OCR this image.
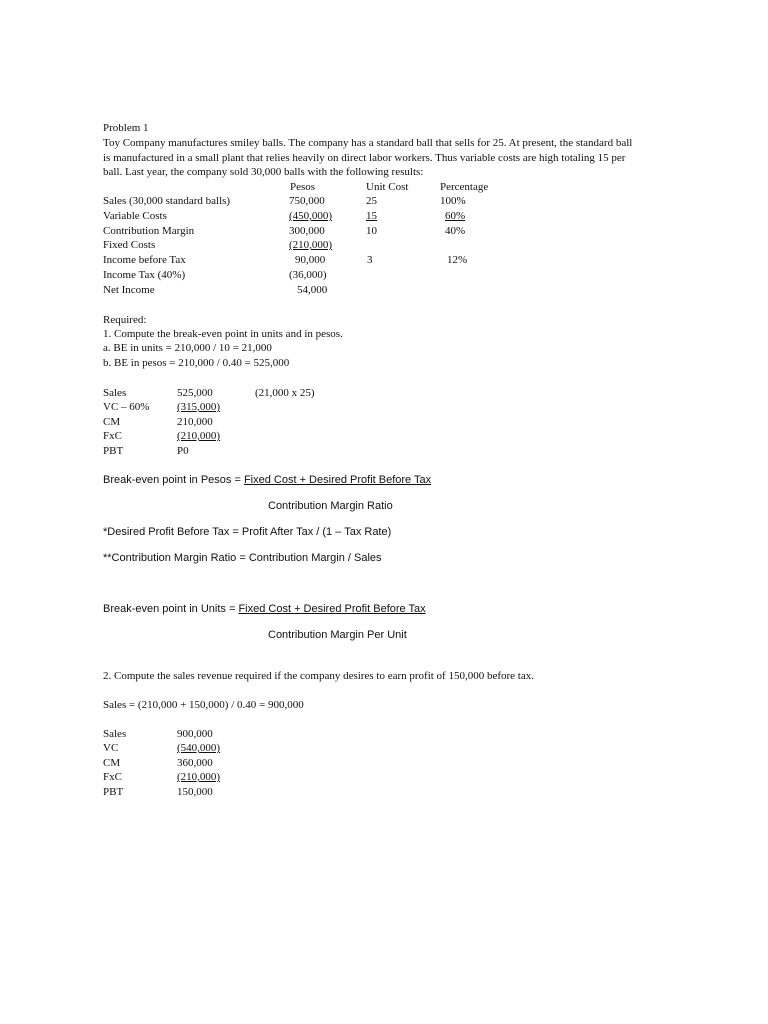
Problem 1
Toy Company manufactures smiley balls. The company has a standard ball that sells for 25. At present, the standard ball
is manufactured in a small plant that relies heavily on direct labor workers. Thus variable costs are high totaling 15 per
ball. Last year, the company sold 30,000 balls with the following results:
Pesos	Unit Cost	Percentage
Sales (30,000 standard balls)	750,000	25	100%
Variable Costs	(450,000)	15	60%
Contribution Margin	300,000	10	40%
Fixed Costs	(210,000)
Income before Tax	90,000	3	12%
Income Tax (40%)	(36,000)
Net Income	54,000
Required:
1. Compute the break-even point in units and in pesos.
a. BE in units = 210,000 / 10 = 21,000
b. BE in pesos = 210,000 / 0.40 = 525,000
Sales	525,000	(21,000 x 25)
VC – 60%	(315,000)
CM	210,000
FxC	(210,000)
PBT	P0
Break-even point in Pesos = Fixed Cost + Desired Profit Before Tax
Contribution Margin Ratio
*Desired Profit Before Tax = Profit After Tax / (1 – Tax Rate)
**Contribution Margin Ratio = Contribution Margin / Sales
Break-even point in Units = Fixed Cost + Desired Profit Before Tax
Contribution Margin Per Unit
2. Compute the sales revenue required if the company desires to earn profit of 150,000 before tax.
Sales = (210,000 + 150,000) / 0.40 = 900,000
Sales	900,000
VC	(540,000)
CM	360,000
FxC	(210,000)
PBT	150,000
